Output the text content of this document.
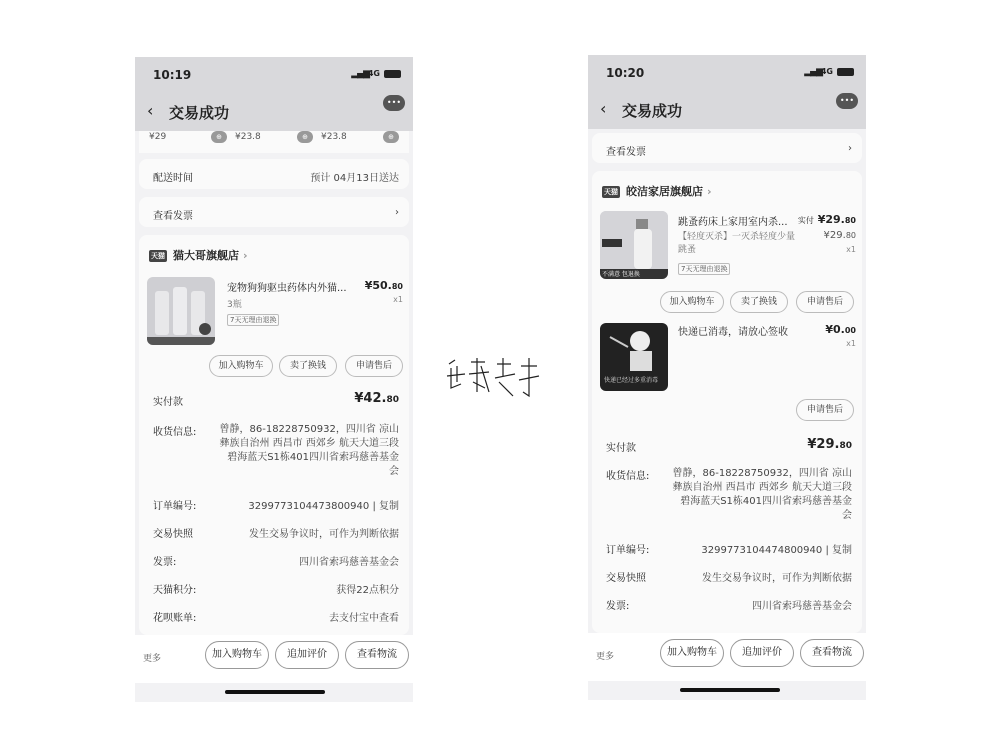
10:19	▂▄▆
4G
‹ 交易成功
•••
¥29	⊕	¥23.8	⊕	¥23.8	⊕
配送时间	预计 04月13日送达
查看发票	›
天猫 猫大哥旗舰店 ›
宠物狗狗驱虫药体内外猫...
3瓶
7天无理由退换
¥50.80
x1
加入购物车	卖了换钱	申请售后
实付款	¥42.80
收货信息: 曾静，86-18228750932，四川省 凉山彝族自治州 西昌市 西郊乡 航天大道三段碧海蓝天S1栋401四川省索玛慈善基金会
订单编号:	3299773104473800940 | 复制
交易快照	发生交易争议时，可作为判断依据
发票:	四川省索玛慈善基金会
天猫积分:	获得22点积分
花呗账单:	去支付宝中查看
更多	加入购物车	追加评价	查看物流
10:20	▂▄▆
4G
‹ 交易成功
•••
查看发票	›
天猫 皎洁家居旗舰店 ›
不满意 包退换
跳蚤药床上家用室内杀...
【轻度灭杀】一灭杀轻度少量跳蚤
7天无理由退换
实付 ¥29.80
¥29.80
x1
加入购物车	卖了换钱	申请售后
快递已经过多重消毒
快递已消毒，请放心签收	¥0.00
x1
申请售后
实付款	¥29.80
收货信息: 曾静，86-18228750932，四川省 凉山彝族自治州 西昌市 西郊乡 航天大道三段碧海蓝天S1栋401四川省索玛慈善基金会
订单编号:	3299773104474800940 | 复制
交易快照	发生交易争议时，可作为判断依据
发票:	四川省索玛慈善基金会
更多	加入购物车	追加评价	查看物流
